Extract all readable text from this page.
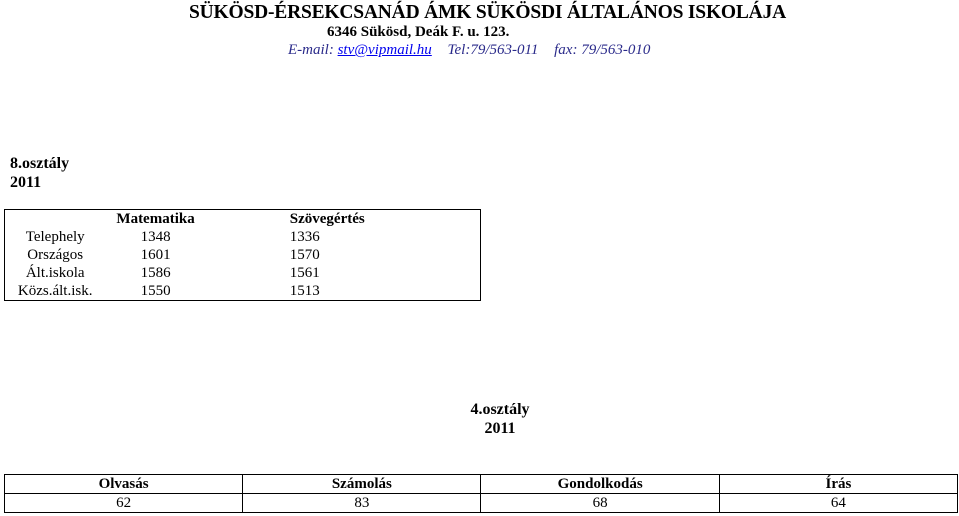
SÜKÖSD-ÉRSEKCSANÁD ÁMK SÜKÖSDI ÁLTALÁNOS ISKOLÁJA
6346 Sükösd, Deák F. u. 123.
E-mail: stv@vipmail.hu Tel:79/563-011 fax: 79/563-010
8.osztály
2011
	Matematika	Szövegértés
Telephely	1348	1336
Országos	1601	1570
Ált.iskola	1586	1561
Közs.ált.isk.	1550	1513
4.osztály
2011
Olvasás	Számolás	Gondolkodás	Írás
62	83	68	64
